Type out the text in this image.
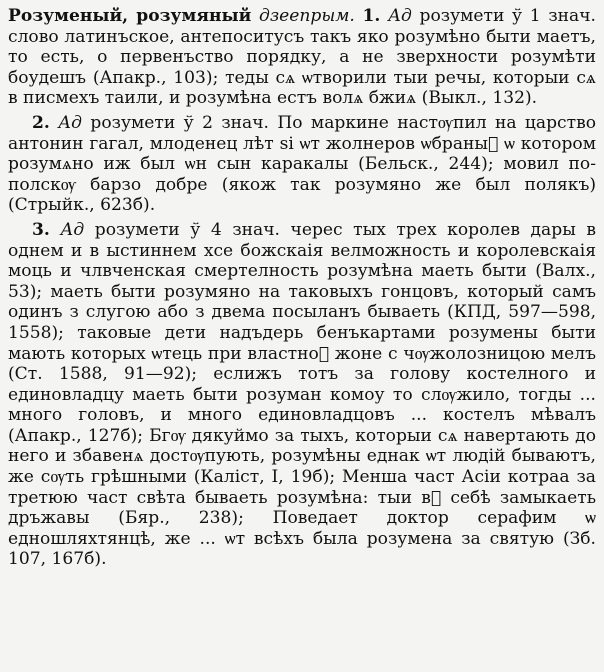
Розуменый, розумяный дзеепрым. 1. Ад розумети ў 1 знач. слово латинъское, антепоситусъ такъ яко розумѣно быти маетъ, то есть, о первенъство порядку, а не зверхности розумѣти боудешъ (Апакр., 103); теды сѧ ѡтворили тыи речы, которыи сѧ в писмехъ таили, и розумѣна естъ волѧ бжиѧ (Выкл., 132).

2. Ад розумети ў 2 знач. По маркине настѹпил на царство антонин гагал, млоденец лѣт ѕі ѡт жолнеров ѡбраныⷭ ѡ котором розумѧно иж был ѡн сын каракалы (Бельск., 244); мовил по-полскѹ барзо добре (якож так розумяно же был полякъ) (Стрыйк., 623б).

3. Ад розумети ў 4 знач. черес тых трех королев дары в однем и в ыстиннем хсе божскаія велможность и королевскаія моць и члвченская смертелность розумѣна маеть быти (Валх., 53); маеть быти розумяно на таковыхъ гонцовъ, который самъ одинъ з слугою або з двема посыланъ бываеть (КПД, 597—598, 1558); таковые дети надъдерь бенъкартами розумены быти мають которых ѡтець при властноⷭ жоне с чѹжолозницою мелъ (Ст. 1588, 91—92); еслижъ тотъ за голову костелного и единовладцу маеть быти розуман комоу то слѹжило, тогды ... много головъ, и много единовладцовъ ... костелъ мѣвалъ (Апакр., 127б); Бгѹ дякуймо за тыхъ, которыи сѧ навертають до него и збавенѧ достѹпують, розумѣны еднак ѡт людій бываютъ, же сѹть грѣшными (Каліст, І, 19б); Менша част Асіи котраа за третюю част свѣта бываеть розумѣна: тыи вⷭ себѣ замыкаеть дръжавы (Бяр., 238); Поведает доктор серафим ѡ едношляхтянцѣ, же ... ѡт всѣхъ была розумена за святую (Зб. 107, 167б).
